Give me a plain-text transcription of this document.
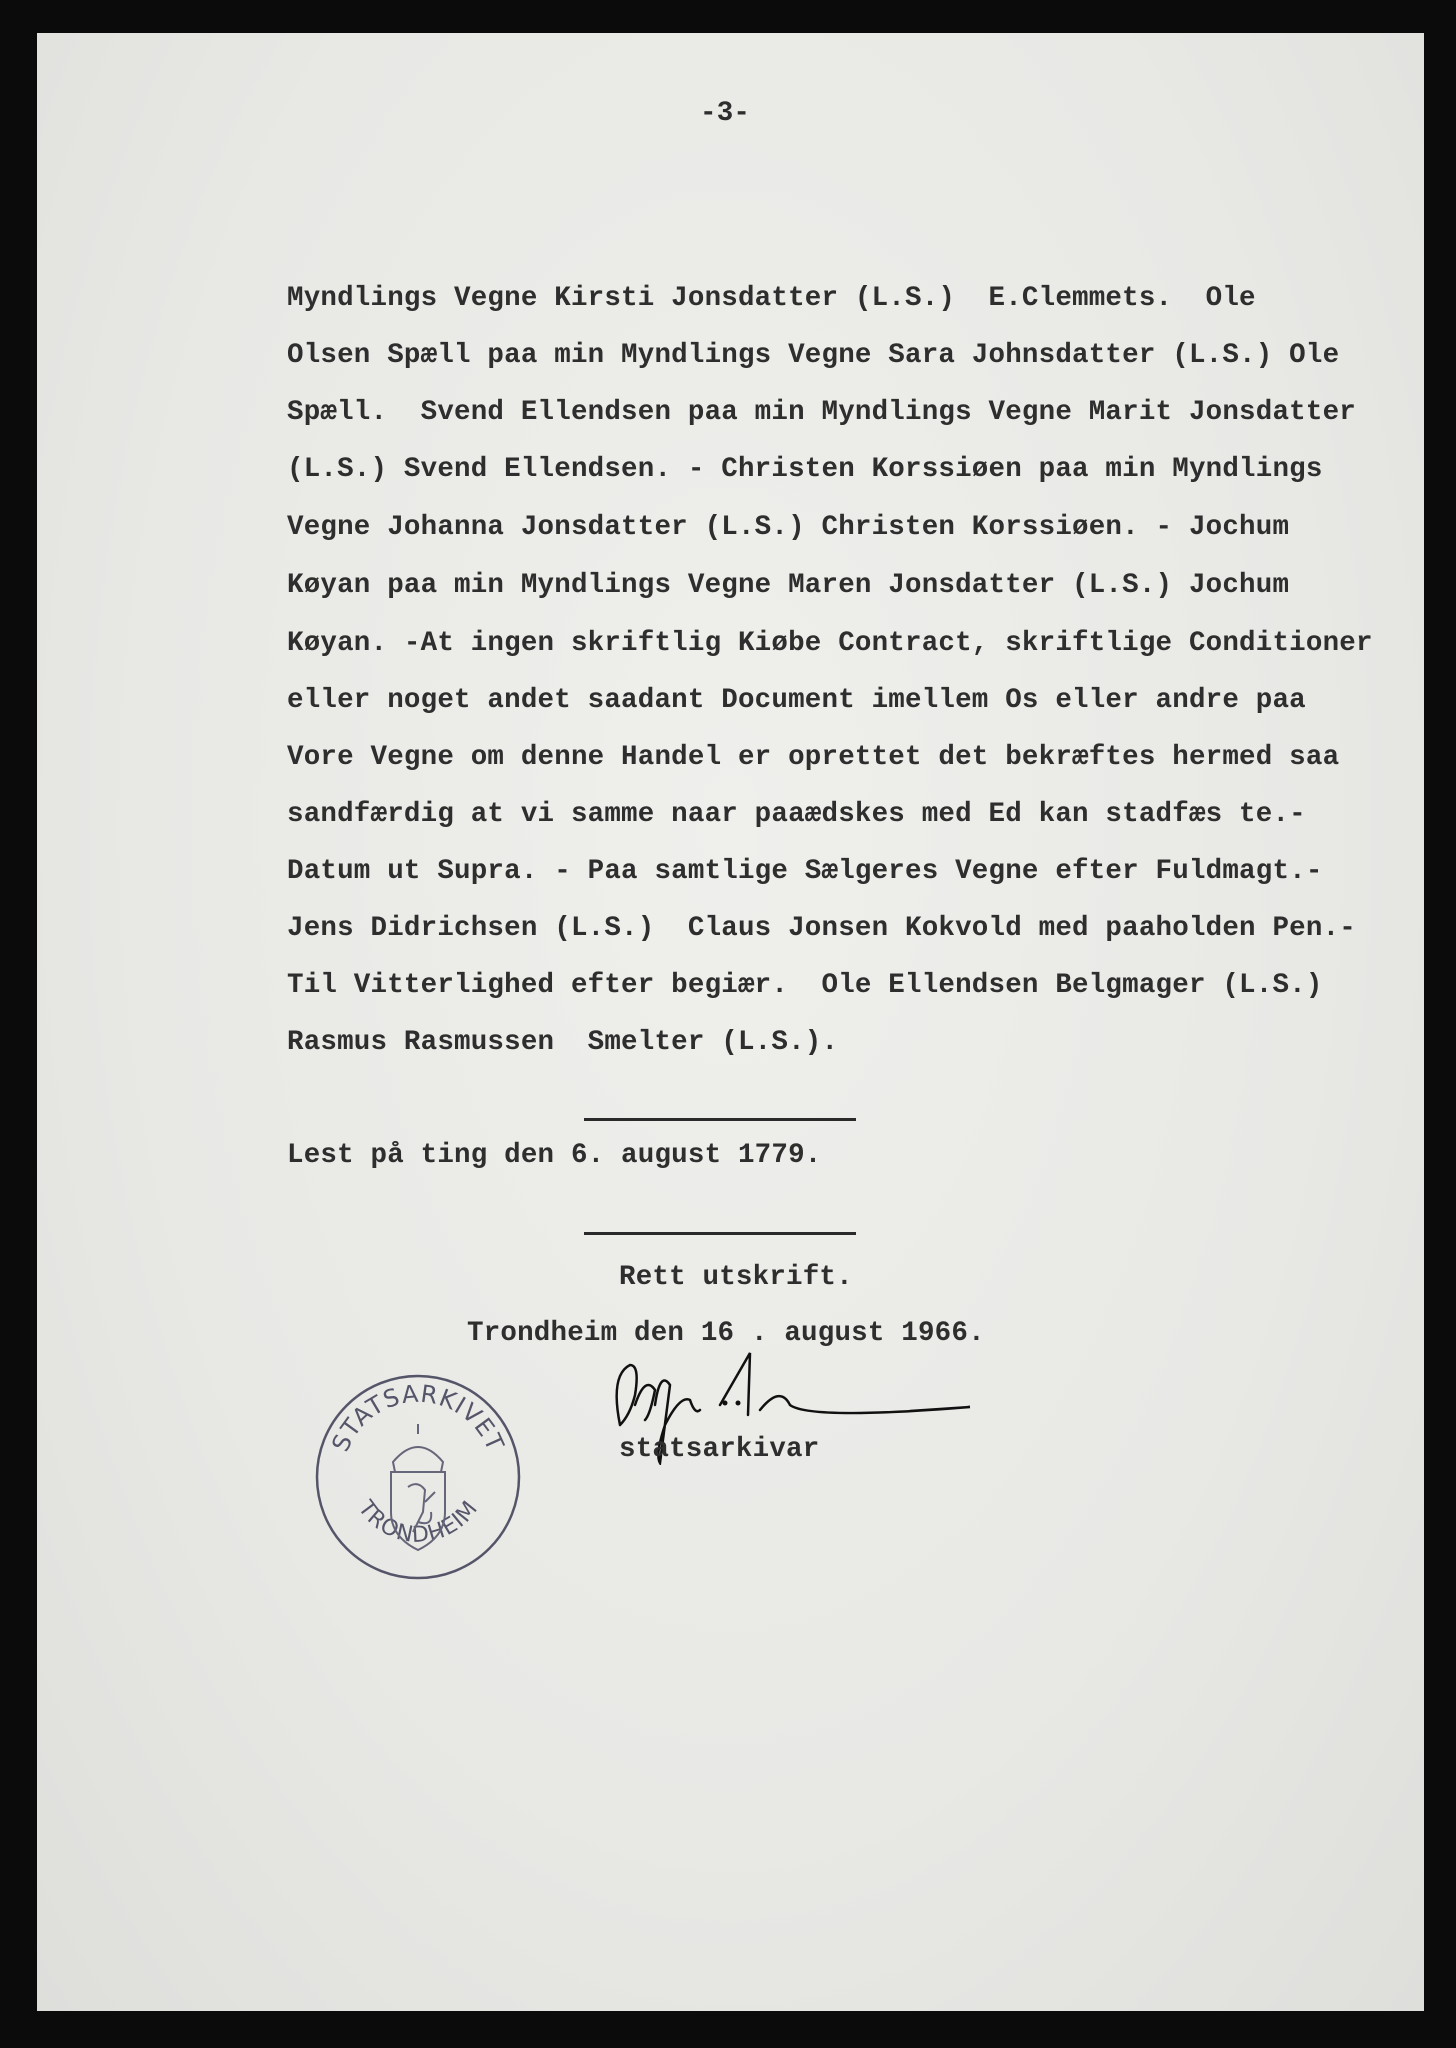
-3-
Myndlings Vegne Kirsti Jonsdatter (L.S.)  E.Clemmets.  Ole
Olsen Spæll paa min Myndlings Vegne Sara Johnsdatter (L.S.) Ole
Spæll.  Svend Ellendsen paa min Myndlings Vegne Marit Jonsdatter
(L.S.) Svend Ellendsen. - Christen Korssiøen paa min Myndlings
Vegne Johanna Jonsdatter (L.S.) Christen Korssiøen. - Jochum
Køyan paa min Myndlings Vegne Maren Jonsdatter (L.S.) Jochum
Køyan. -At ingen skriftlig Kiøbe Contract, skriftlige Conditioner
eller noget andet saadant Document imellem Os eller andre paa
Vore Vegne om denne Handel er oprettet det bekræftes hermed saa
sandfærdig at vi samme naar paaædskes med Ed kan stadfæs te.-
Datum ut Supra. - Paa samtlige Sælgeres Vegne efter Fuldmagt.-
Jens Didrichsen (L.S.)  Claus Jonsen Kokvold med paaholden Pen.-
Til Vitterlighed efter begiær.  Ole Ellendsen Belgmager (L.S.)
Rasmus Rasmussen  Smelter (L.S.).
Lest på ting den 6. august 1779.
Rett utskrift.
Trondheim den 16 . august 1966.
STATSARKIVET
TRONDHEIM
statsarkivar
